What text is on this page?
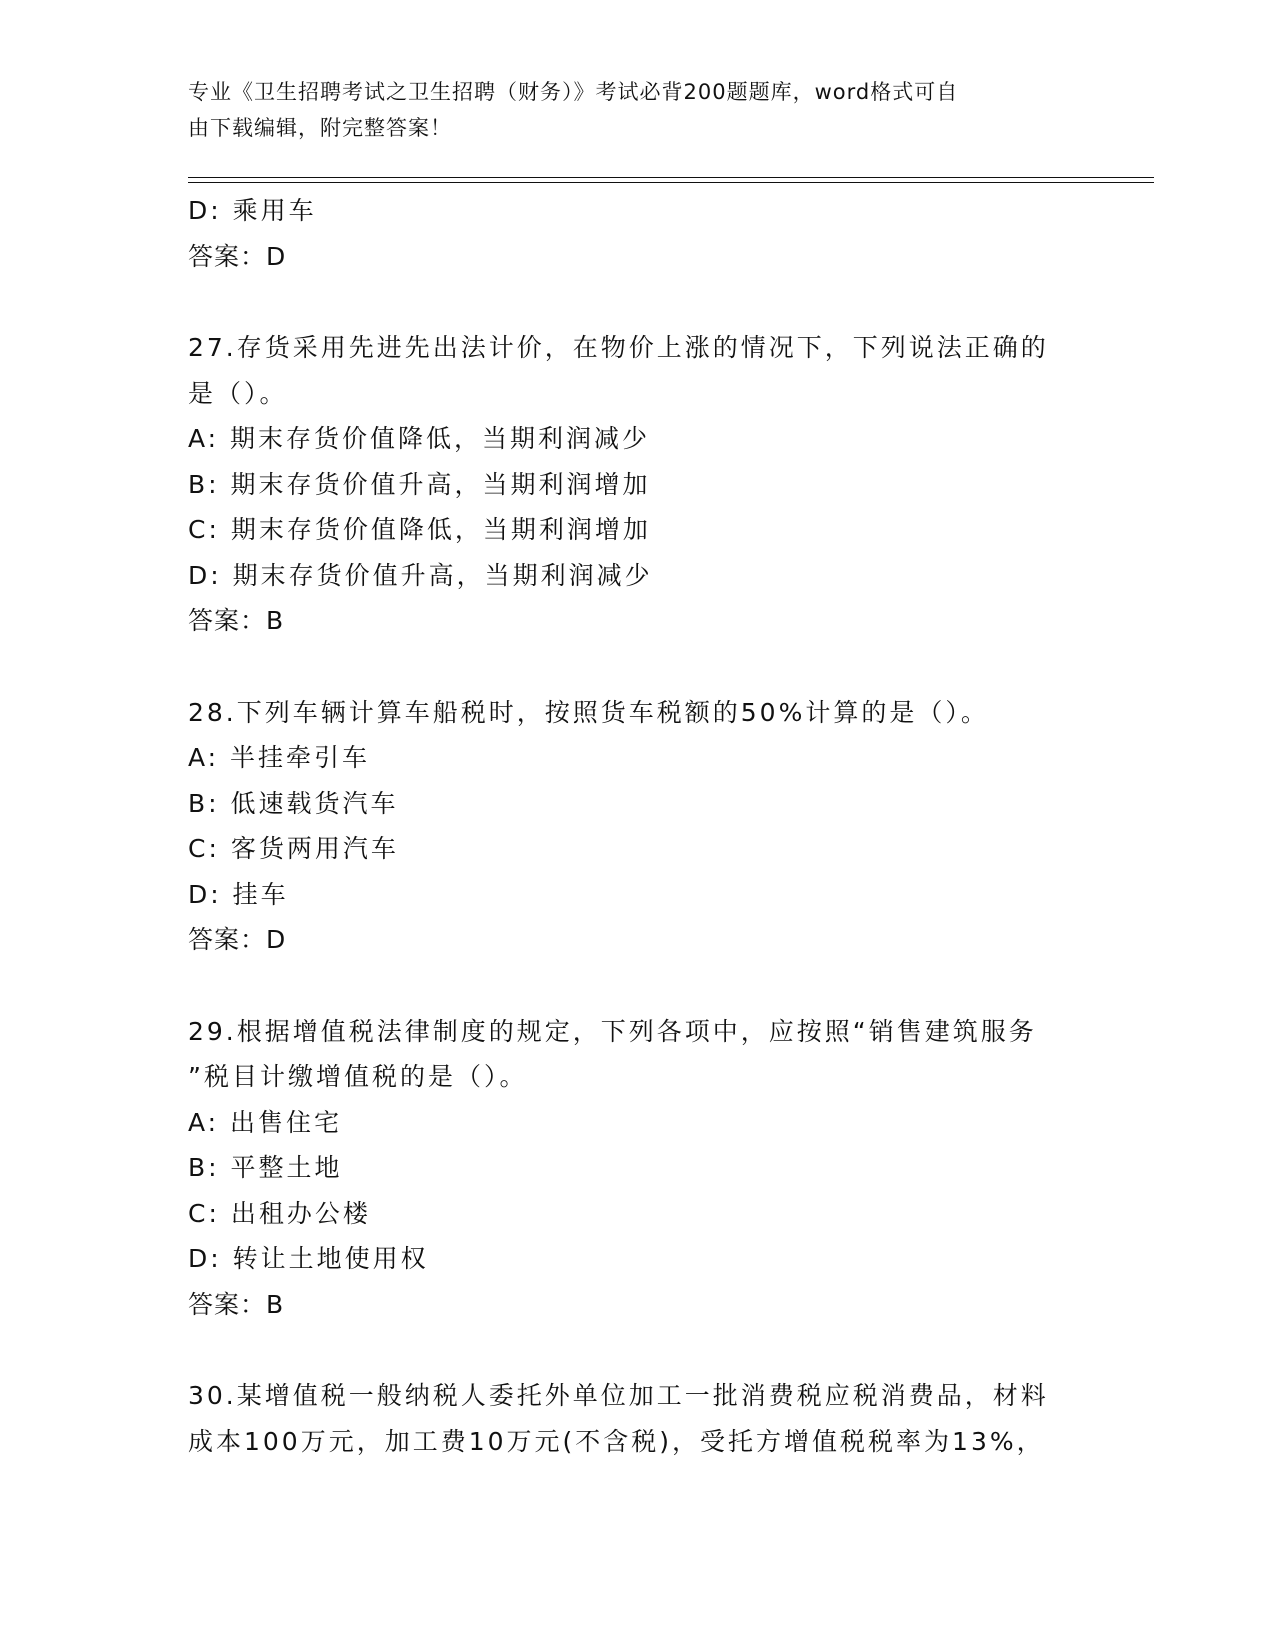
专业《卫生招聘考试之卫生招聘（财务）》考试必背200题题库，word格式可自
由下载编辑，附完整答案！
D: 乘用车
答案：D
27.存货采用先进先出法计价，在物价上涨的情况下，下列说法正确的
是（）。
A: 期末存货价值降低，当期利润减少
B: 期末存货价值升高，当期利润增加
C: 期末存货价值降低，当期利润增加
D: 期末存货价值升高，当期利润减少
答案：B
28.下列车辆计算车船税时，按照货车税额的50%计算的是（）。
A: 半挂牵引车
B: 低速载货汽车
C: 客货两用汽车
D: 挂车
答案：D
29.根据增值税法律制度的规定，下列各项中，应按照“销售建筑服务
”税目计缴增值税的是（）。
A: 出售住宅
B: 平整土地
C: 出租办公楼
D: 转让土地使用权
答案：B
30.某增值税一般纳税人委托外单位加工一批消费税应税消费品，材料
成本100万元，加工费10万元(不含税)，受托方增值税税率为13%，
